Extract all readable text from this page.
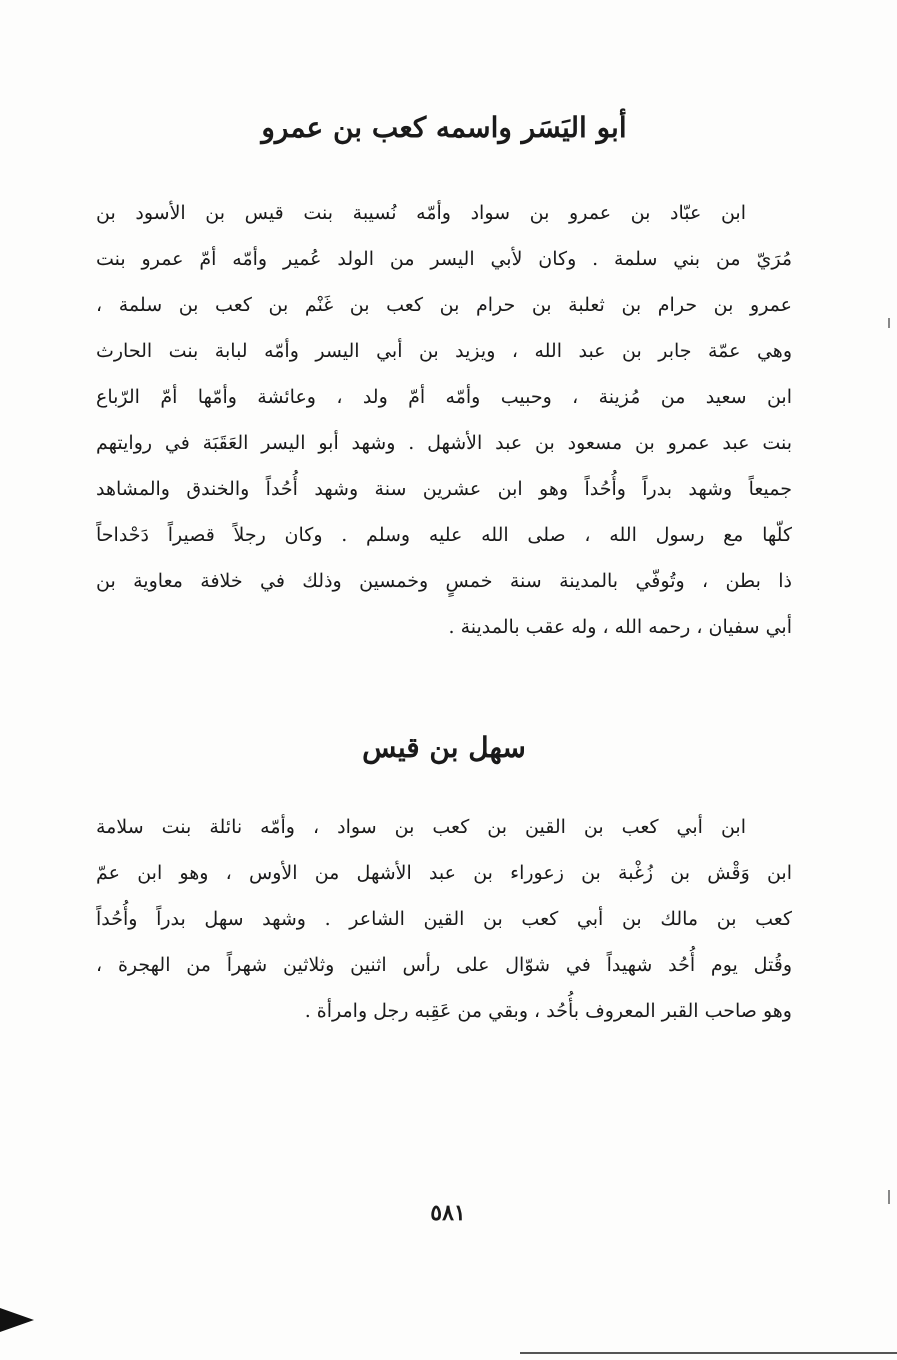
أبو اليَسَر واسمه كعب بن عمرو
ابن عبّاد بن عمرو بن سواد وأمّه نُسيبة بنت قيس بن الأسود بن
مُرَيّ من بني سلمة . وكان لأبي اليسر من الولد عُمير وأمّه أمّ عمرو بنت
عمرو بن حرام بن ثعلبة بن حرام بن كعب بن غَنْم بن كعب بن سلمة ،
وهي عمّة جابر بن عبد الله ، ويزيد بن أبي اليسر وأمّه لبابة بنت الحارث
ابن سعيد من مُزينة ، وحبيب وأمّه أمّ ولد ، وعائشة وأمّها أمّ الرّباع
بنت عبد عمرو بن مسعود بن عبد الأشهل . وشهد أبو اليسر العَقَبَة في روايتهم
جميعاً وشهد بدراً وأُحُداً وهو ابن عشرين سنة وشهد أُحُداً والخندق والمشاهد
كلّها مع رسول الله ، صلى الله عليه وسلم . وكان رجلاً قصيراً دَحْداحاً
ذا بطن ، وتُوفّي بالمدينة سنة خمسٍ وخمسين وذلك في خلافة معاوية بن
أبي سفيان ، رحمه الله ، وله عقب بالمدينة .
سهل بن قيس
ابن أبي كعب بن القين بن كعب بن سواد ، وأمّه نائلة بنت سلامة
ابن وَقْش بن زُغْبة بن زعوراء بن عبد الأشهل من الأوس ، وهو ابن عمّ
كعب بن مالك بن أبي كعب بن القين الشاعر . وشهد سهل بدراً وأُحُداً
وقُتل يوم أُحُد شهيداً في شوّال على رأس اثنين وثلاثين شهراً من الهجرة ،
وهو صاحب القبر المعروف بأُحُد ، وبقي من عَقِبه رجل وامرأة .
٥٨١
